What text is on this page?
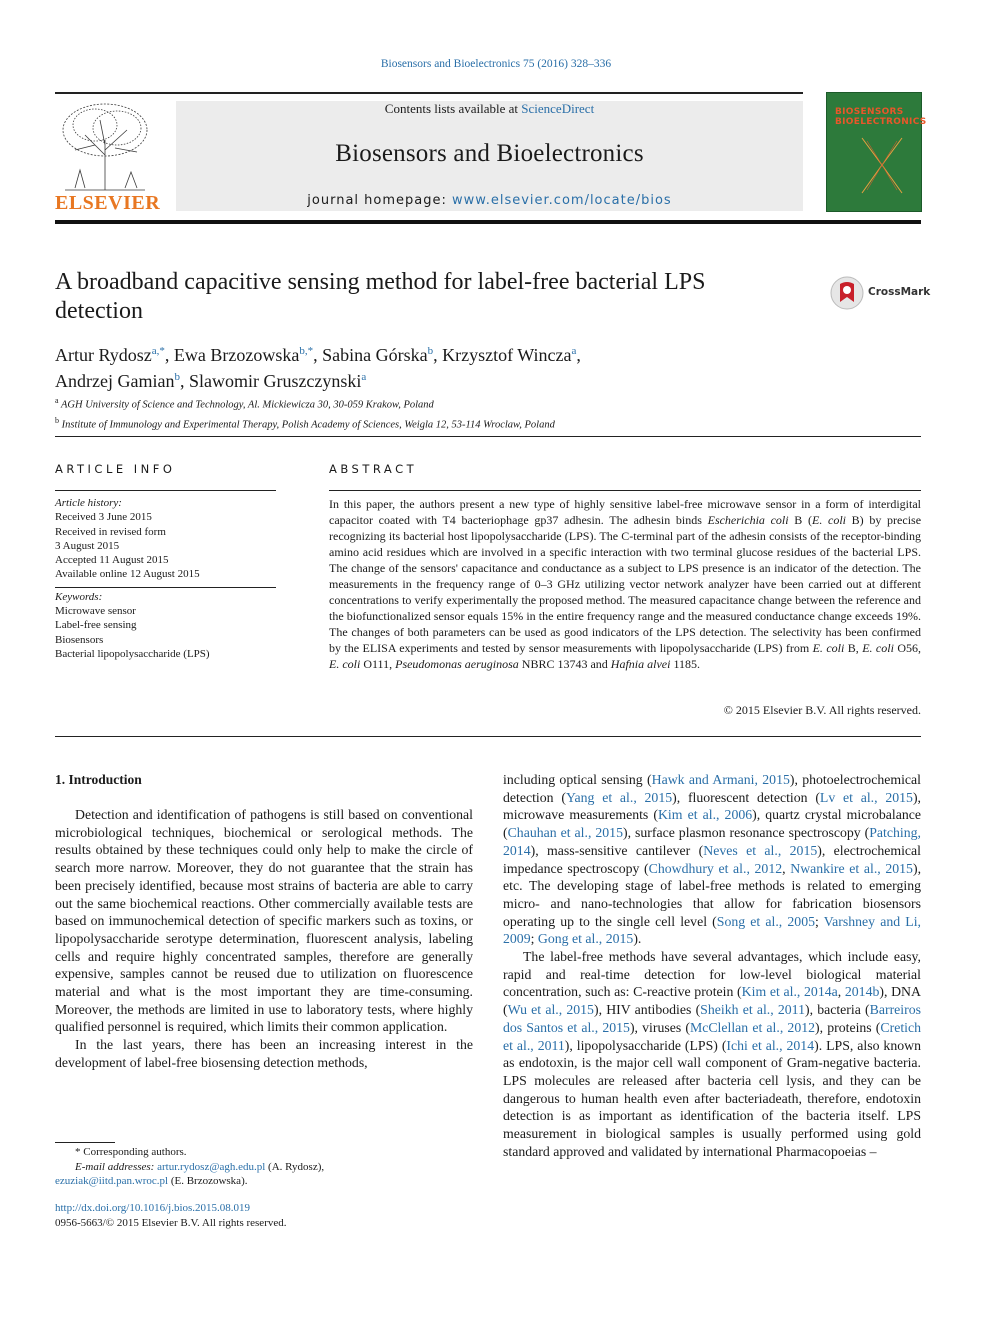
Biosensors and Bioelectronics 75 (2016) 328–336
ELSEVIER
Contents lists available at ScienceDirect
Biosensors and Bioelectronics
journal homepage: www.elsevier.com/locate/bios
BIOSENSORS BIOELECTRONICS
A broadband capacitive sensing method for label-free bacterial LPS detection
CrossMark
Artur Rydosz$^{a,*}$, Ewa Brzozowska$^{b,*}$, Sabina Górska$^b$, Krzysztof Wincza$^a$,
Andrzej Gamian$^b$, Slawomir Gruszczynski$^a$
$^a$ AGH University of Science and Technology, Al. Mickiewicza 30, 30-059 Krakow, Poland
$^b$ Institute of Immunology and Experimental Therapy, Polish Academy of Sciences, Weigla 12, 53-114 Wroclaw, Poland
ARTICLE INFO	ABSTRACT
Article history:
Received 3 June 2015
Received in revised form
3 August 2015
Accepted 11 August 2015
Available online 12 August 2015
Keywords:
Microwave sensor
Label-free sensing
Biosensors
Bacterial lipopolysaccharide (LPS)
In this paper, the authors present a new type of highly sensitive label-free microwave sensor in a form of interdigital capacitor coated with T4 bacteriophage gp37 adhesin. The adhesin binds Escherichia coli B (E. coli B) by precise recognizing its bacterial host lipopolysaccharide (LPS). The C-terminal part of the adhesin consists of the receptor-binding amino acid residues which are involved in a specific interaction with two terminal glucose residues of the bacterial LPS. The change of the sensors' capacitance and conductance as a subject to LPS presence is an indicator of the detection. The measurements in the frequency range of 0–3 GHz utilizing vector network analyzer have been carried out at different concentrations to verify experimentally the proposed method. The measured capacitance change between the reference and the biofunctionalized sensor equals 15% in the entire frequency range and the measured conductance change exceeds 19%. The changes of both parameters can be used as good indicators of the LPS detection. The selectivity has been confirmed by the ELISA experiments and tested by sensor measurements with lipopolysaccharide (LPS) from E. coli B, E. coli O56, E. coli O111, Pseudomonas aeruginosa NBRC 13743 and Hafnia alvei 1185.
© 2015 Elsevier B.V. All rights reserved.
1. Introduction

Detection and identification of pathogens is still based on conventional microbiological techniques, biochemical or serological methods. The results obtained by these techniques could only help to make the circle of search more narrow. Moreover, they do not guarantee that the strain has been precisely identified, because most strains of bacteria are able to carry out the same biochemical reactions. Other commercially available tests are based on immunochemical detection of specific markers such as toxins, or lipopolysaccharide serotype determination, fluorescent analysis, labeling cells and require highly concentrated samples, therefore are generally expensive, samples cannot be reused due to utilization on fluorescence material and what is the most important they are time-consuming. Moreover, the methods are limited in use to laboratory tests, where highly qualified personnel is required, which limits their common application.

In the last years, there has been an increasing interest in the development of label-free biosensing detection methods,

including optical sensing (Hawk and Armani, 2015), photoelectrochemical detection (Yang et al., 2015), fluorescent detection (Lv et al., 2015), microwave measurements (Kim et al., 2006), quartz crystal microbalance (Chauhan et al., 2015), surface plasmon resonance spectroscopy (Patching, 2014), mass-sensitive cantilever (Neves et al., 2015), electrochemical impedance spectroscopy (Chowdhury et al., 2012, Nwankire et al., 2015), etc. The developing stage of label-free methods is related to emerging micro- and nano-technologies that allow for fabrication biosensors operating up to the single cell level (Song et al., 2005; Varshney and Li, 2009; Gong et al., 2015).

The label-free methods have several advantages, which include easy, rapid and real-time detection for low-level biological material concentration, such as: C-reactive protein (Kim et al., 2014a, 2014b), DNA (Wu et al., 2015), HIV antibodies (Sheikh et al., 2011), bacteria (Barreiros dos Santos et al., 2015), viruses (McClellan et al., 2012), proteins (Cretich et al., 2011), lipopolysaccharide (LPS) (Ichi et al., 2014). LPS, also known as endotoxin, is the major cell wall component of Gram-negative bacteria. LPS molecules are released after bacteria cell lysis, and they can be dangerous to human health even after bacteriadeath, therefore, endotoxin detection is as important as identification of the bacteria itself. LPS measurement in biological samples is usually performed using gold standard approved and validated by international Pharmacopoeias –

* Corresponding authors.
E-mail addresses: artur.rydosz@agh.edu.pl (A. Rydosz),
ezuziak@iitd.pan.wroc.pl (E. Brzozowska).
http://dx.doi.org/10.1016/j.bios.2015.08.019
0956-5663/© 2015 Elsevier B.V. All rights reserved.
